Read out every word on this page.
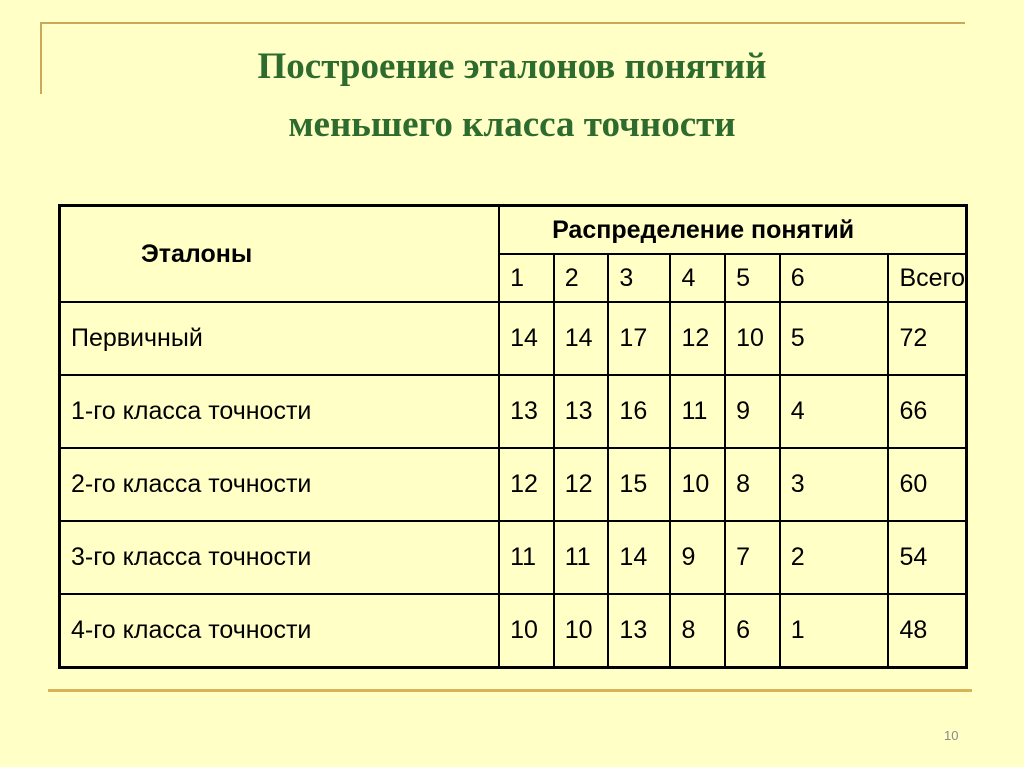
Построение эталонов понятий
меньшего класса точности
Эталоны	Распределение понятий						
	1	2	3	4	5	6	Всего
Первичный	14	14	17	12	10	5	72
1-го класса точности	13	13	16	11	9	4	66
2-го класса точности	12	12	15	10	8	3	60
3-го класса точности	11	11	14	9	7	2	54
4-го класса точности	10	10	13	8	6	1	48
10
